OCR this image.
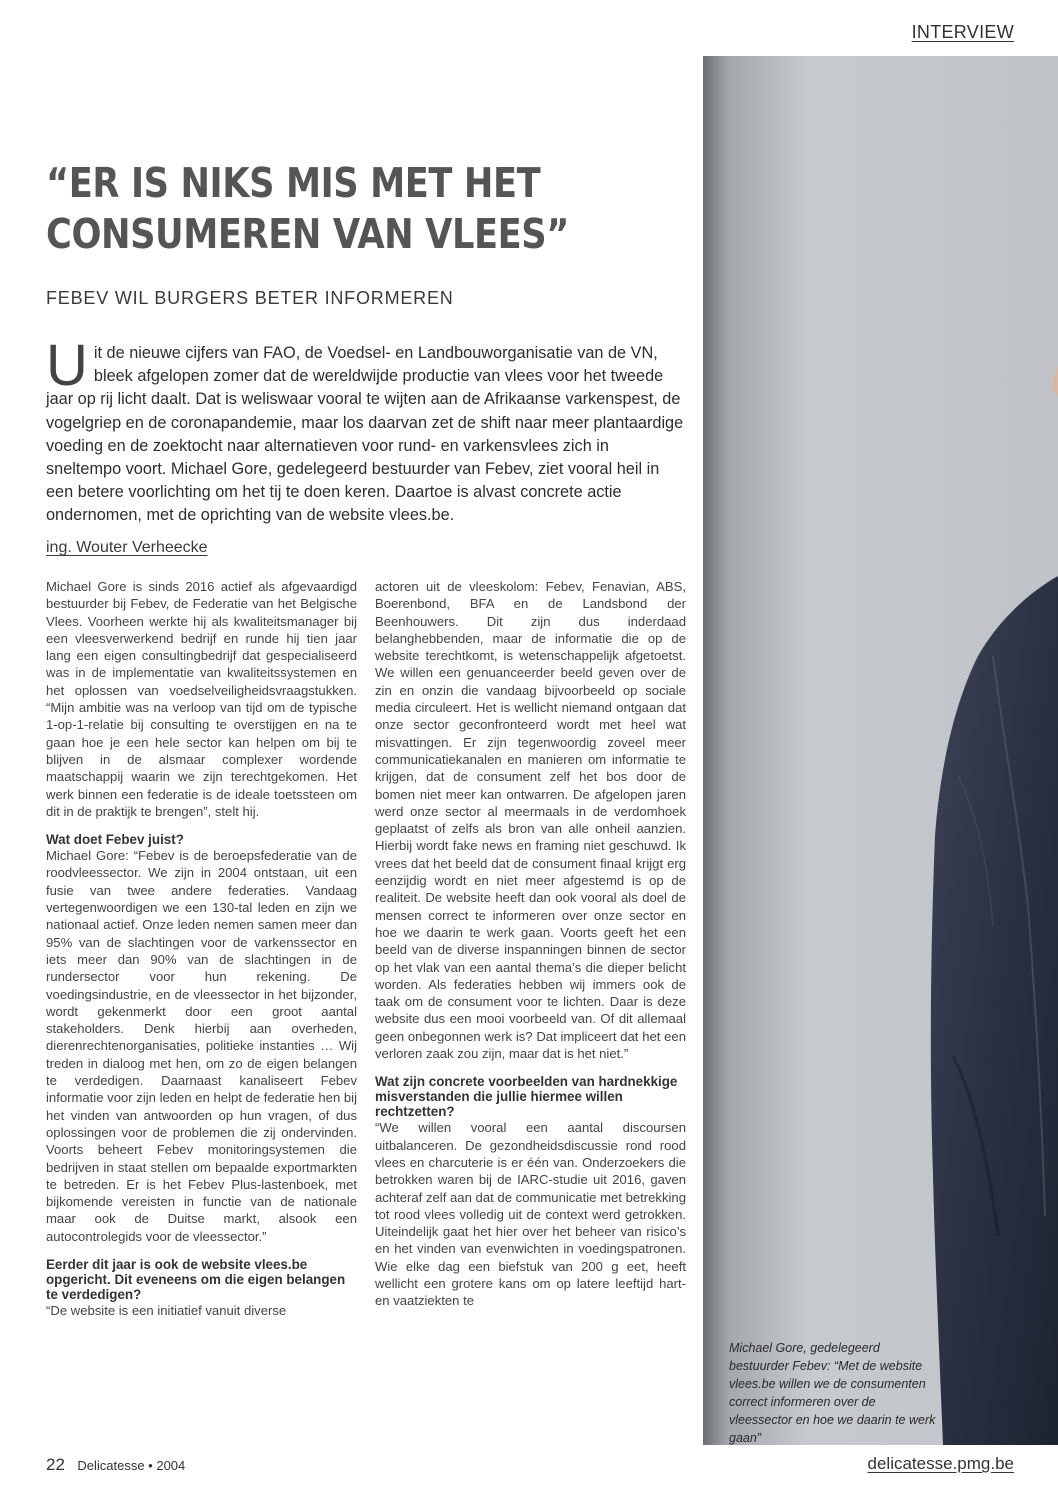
INTERVIEW
“ER IS NIKS MIS MET HET CONSUMEREN VAN VLEES”
FEBEV WIL BURGERS BETER INFORMEREN
Uit de nieuwe cijfers van FAO, de Voedsel- en Landbouworganisatie van de VN, bleek afgelopen zomer dat de wereldwijde productie van vlees voor het tweede jaar op rij licht daalt. Dat is weliswaar vooral te wijten aan de Afrikaanse varkenspest, de vogelgriep en de coronapandemie, maar los daarvan zet de shift naar meer plantaardige voeding en de zoektocht naar alternatieven voor rund- en varkensvlees zich in sneltempo voort. Michael Gore, gedelegeerd bestuurder van Febev, ziet vooral heil in een betere voorlichting om het tij te doen keren. Daartoe is alvast concrete actie ondernomen, met de oprichting van de website vlees.be.
ing. Wouter Verheecke

Michael Gore is sinds 2016 actief als afgevaardigd bestuurder bij Febev, de Federatie van het Belgische Vlees. Voorheen werkte hij als kwaliteitsmanager bij een vleesverwerkend bedrijf en runde hij tien jaar lang een eigen consultingbedrijf dat gespecialiseerd was in de implementatie van kwaliteitssystemen en het oplossen van voedselveiligheidsvraagstukken. “Mijn ambitie was na verloop van tijd om de typische 1-op-1-relatie bij consulting te overstijgen en na te gaan hoe je een hele sector kan helpen om bij te blijven in de alsmaar complexer wordende maatschappij waarin we zijn terechtgekomen. Het werk binnen een federatie is de ideale toetssteen om dit in de praktijk te brengen”, stelt hij.

Wat doet Febev juist?

Michael Gore: “Febev is de beroepsfederatie van de roodvleessector. We zijn in 2004 ontstaan, uit een fusie van twee andere federaties. Vandaag vertegenwoordigen we een 130-tal leden en zijn we nationaal actief. Onze leden nemen samen meer dan 95% van de slachtingen voor de varkenssector en iets meer dan 90% van de slachtingen in de rundersector voor hun rekening. De voedingsindustrie, en de vleessector in het bijzonder, wordt gekenmerkt door een groot aantal stakeholders. Denk hierbij aan overheden, dierenrechtenorganisaties, politieke instanties … Wij treden in dialoog met hen, om zo de eigen belangen te verdedigen. Daarnaast kanaliseert Febev informatie voor zijn leden en helpt de federatie hen bij het vinden van antwoorden op hun vragen, of dus oplossingen voor de problemen die zij ondervinden. Voorts beheert Febev monitoringsystemen die bedrijven in staat stellen om bepaalde exportmarkten te betreden. Er is het Febev Plus-lastenboek, met bijkomende vereisten in functie van de nationale maar ook de Duitse markt, alsook een autocontrolegids voor de vleessector.”

Eerder dit jaar is ook de website vlees.be opgericht. Dit eveneens om die eigen belangen te verdedigen?

“De website is een initiatief vanuit diverse

actoren uit de vleeskolom: Febev, Fenavian, ABS, Boerenbond, BFA en de Landsbond der Beenhouwers. Dit zijn dus inderdaad belanghebbenden, maar de informatie die op de website terechtkomt, is wetenschappelijk afgetoetst. We willen een genuanceerder beeld geven over de zin en onzin die vandaag bijvoorbeeld op sociale media circuleert. Het is wellicht niemand ontgaan dat onze sector geconfronteerd wordt met heel wat misvattingen. Er zijn tegenwoordig zoveel meer communicatiekanalen en manieren om informatie te krijgen, dat de consument zelf het bos door de bomen niet meer kan ontwarren. De afgelopen jaren werd onze sector al meermaals in de verdomhoek geplaatst of zelfs als bron van alle onheil aanzien. Hierbij wordt fake news en framing niet geschuwd. Ik vrees dat het beeld dat de consument finaal krijgt erg eenzijdig wordt en niet meer afgestemd is op de realiteit. De website heeft dan ook vooral als doel de mensen correct te informeren over onze sector en hoe we daarin te werk gaan. Voorts geeft het een beeld van de diverse inspanningen binnen de sector op het vlak van een aantal thema’s die dieper belicht worden. Als federaties hebben wij immers ook de taak om de consument voor te lichten. Daar is deze website dus een mooi voorbeeld van. Of dit allemaal geen onbegonnen werk is? Dat impliceert dat het een verloren zaak zou zijn, maar dat is het niet.”

Wat zijn concrete voorbeelden van hardnekkige misverstanden die jullie hiermee willen rechtzetten?

“We willen vooral een aantal discoursen uitbalanceren. De gezondheidsdiscussie rond rood vlees en charcuterie is er één van. Onderzoekers die betrokken waren bij de IARC-studie uit 2016, gaven achteraf zelf aan dat de communicatie met betrekking tot rood vlees volledig uit de context werd getrokken. Uiteindelijk gaat het hier over het beheer van risico’s en het vinden van evenwichten in voedingspatronen. Wie elke dag een biefstuk van 200 g eet, heeft wellicht een grotere kans om op latere leeftijd hart- en vaatziekten te

Michael Gore, gedelegeerd bestuurder Febev: “Met de website vlees.be willen we de consumenten correct informeren over de vleessector en hoe we daarin te werk gaan”
22 Delicatesse • 2004	delicatesse.pmg.be
